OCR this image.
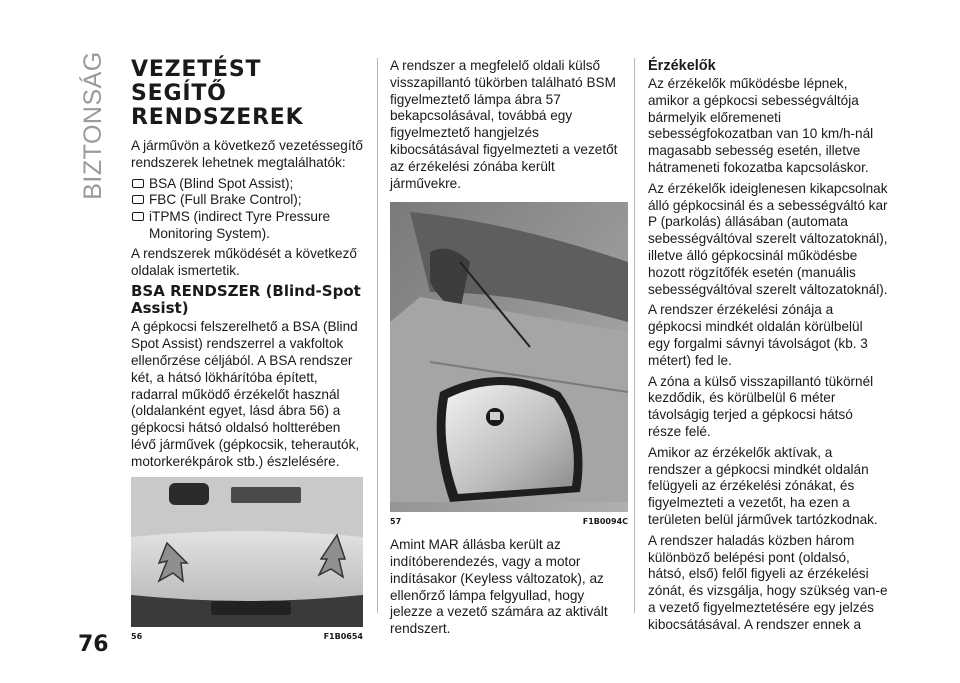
BIZTONSÁG
76
VEZETÉST SEGÍTŐ RENDSZEREK

A járművön a következő vezetéssegítő rendszerek lehetnek megtalálhatók:

BSA (Blind Spot Assist);
FBC (Full Brake Control);
iTPMS (indirect Tyre Pressure Monitoring System).

A rendszerek működését a következő oldalak ismertetik.

BSA RENDSZER (Blind-Spot Assist)

A gépkocsi felszerelhető a BSA (Blind Spot Assist) rendszerrel a vakfoltok ellenőrzése céljából. A BSA rendszer két, a hátsó lökhárítóba épített, radarral működő érzékelőt használ (oldalanként egyet, lásd ábra 56) a gépkocsi hátsó oldalsó holtterében lévő járművek (gépkocsik, teherautók, motorkerékpárok stb.) észlelésére.

56	F1B0654

A rendszer a megfelelő oldali külső visszapillantó tükörben található BSM figyelmeztető lámpa ábra 57 bekapcsolásával, továbbá egy figyelmeztető hangjelzés kibocsátásával figyelmezteti a vezetőt az érzékelési zónába került járművekre.

57	F1B0094C

Amint MAR állásba került az indítóberendezés, vagy a motor indításakor (Keyless változatok), az ellenőrző lámpa felgyullad, hogy jelezze a vezető számára az aktivált rendszert.

Érzékelők

Az érzékelők működésbe lépnek, amikor a gépkocsi sebességváltója bármelyik előremeneti sebességfokozatban van 10 km/h-nál magasabb sebesség esetén, illetve hátrameneti fokozatba kapcsoláskor.

Az érzékelők ideiglenesen kikapcsolnak álló gépkocsinál és a sebességváltó kar P (parkolás) állásában (automata sebességváltóval szerelt változatoknál), illetve álló gépkocsinál működésbe hozott rögzítőfék esetén (manuális sebességváltóval szerelt változatoknál).

A rendszer érzékelési zónája a gépkocsi mindkét oldalán körülbelül egy forgalmi sávnyi távolságot (kb. 3 métert) fed le.

A zóna a külső visszapillantó tükörnél kezdődik, és körülbelül 6 méter távolságig terjed a gépkocsi hátsó része felé.

Amikor az érzékelők aktívak, a rendszer a gépkocsi mindkét oldalán felügyeli az érzékelési zónákat, és figyelmezteti a vezetőt, ha ezen a területen belül járművek tartózkodnak.

A rendszer haladás közben három különböző belépési pont (oldalsó, hátsó, első) felől figyeli az érzékelési zónát, és vizsgálja, hogy szükség van-e a vezető figyelmeztetésére egy jelzés kibocsátásával. A rendszer ennek a
